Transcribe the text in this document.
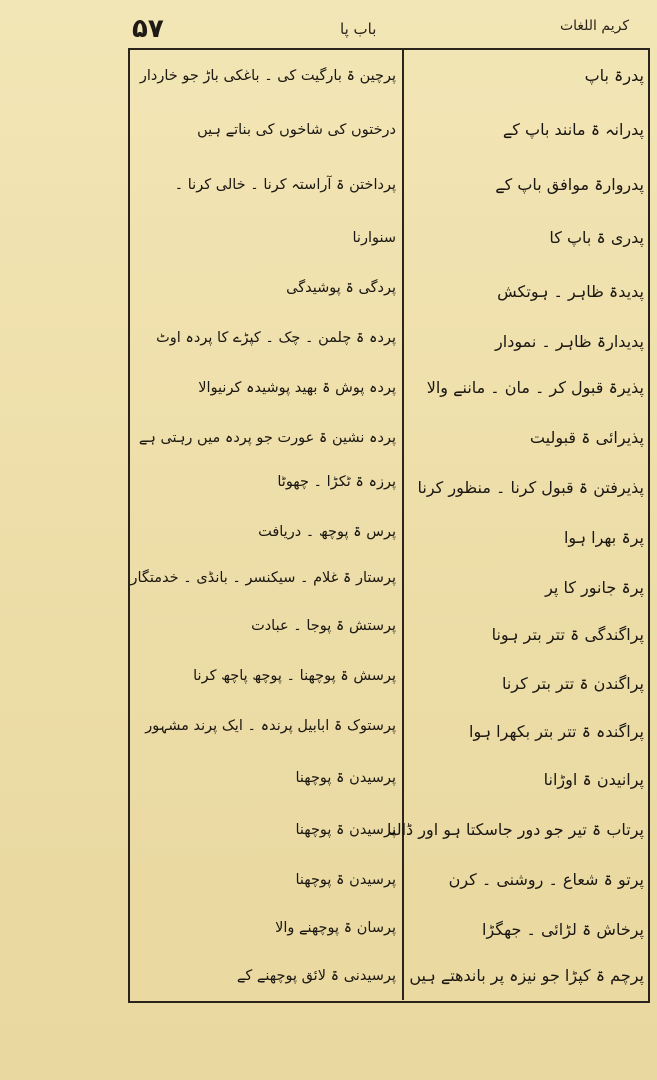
۵۷	باب پا	کریم اللغات
پدرۃ باپ
پدرانہ ۃ مانند باپ کے
پدروارۃ موافق باپ کے
پدری ۃ باپ کا
پدیدۃ ظاہر ۔ ہوتکش
پدیدارۃ ظاہر ۔ نمودار
پذیرۃ قبول کر ۔ مان ۔ ماننے والا
پذیرائی ۃ قبولیت
پذیرفتن ۃ قبول کرنا ۔ منظور کرنا
پرۃ بھرا ہوا
پرۃ جانور کا پر
پراگندگی ۃ تتر بتر ہونا
پراگندن ۃ تتر بتر کرنا
پراگندہ ۃ تتر بتر بکھرا ہوا
پرانیدن ۃ اوڑانا
پرتاب ۃ تیر جو دور جاسکتا ہو اور ڈالنا
پرتو ۃ شعاع ۔ روشنی ۔ کرن
پرخاش ۃ لڑائی ۔ جھگڑا
پرچم ۃ کپڑا جو نیزہ پر باندھتے ہیں
پرچین ۃ بارگیت کی ۔ باغکی باڑ جو خاردار
درختوں کی شاخوں کی بناتے ہیں
پرداختن ۃ آراستہ کرنا ۔ خالی کرنا ۔
سنوارنا
پردگی ۃ پوشیدگی
پردہ ۃ چلمن ۔ چک ۔ کپڑے کا پردہ اوٹ
پردہ پوش ۃ بھید پوشیدہ کرنیوالا
پردہ نشین ۃ عورت جو پردہ میں رہتی ہے
پرزہ ۃ ٹکڑا ۔ چھوٹا
پرس ۃ پوچھ ۔ دریافت
پرستار ۃ غلام ۔ سیکنسر ۔ بانڈی ۔ خدمتگار
پرستش ۃ پوجا ۔ عبادت
پرسش ۃ پوچھنا ۔ پوچھ پاچھ کرنا
پرستوک ۃ ابابیل پرندہ ۔ ایک پرند مشہور
پرسیدن ۃ پوچھنا
پرسیدن ۃ پوچھنا
پرسیدن ۃ پوچھنا
پرسان ۃ پوچھنے والا
پرسیدنی ۃ لائق پوچھنے کے
